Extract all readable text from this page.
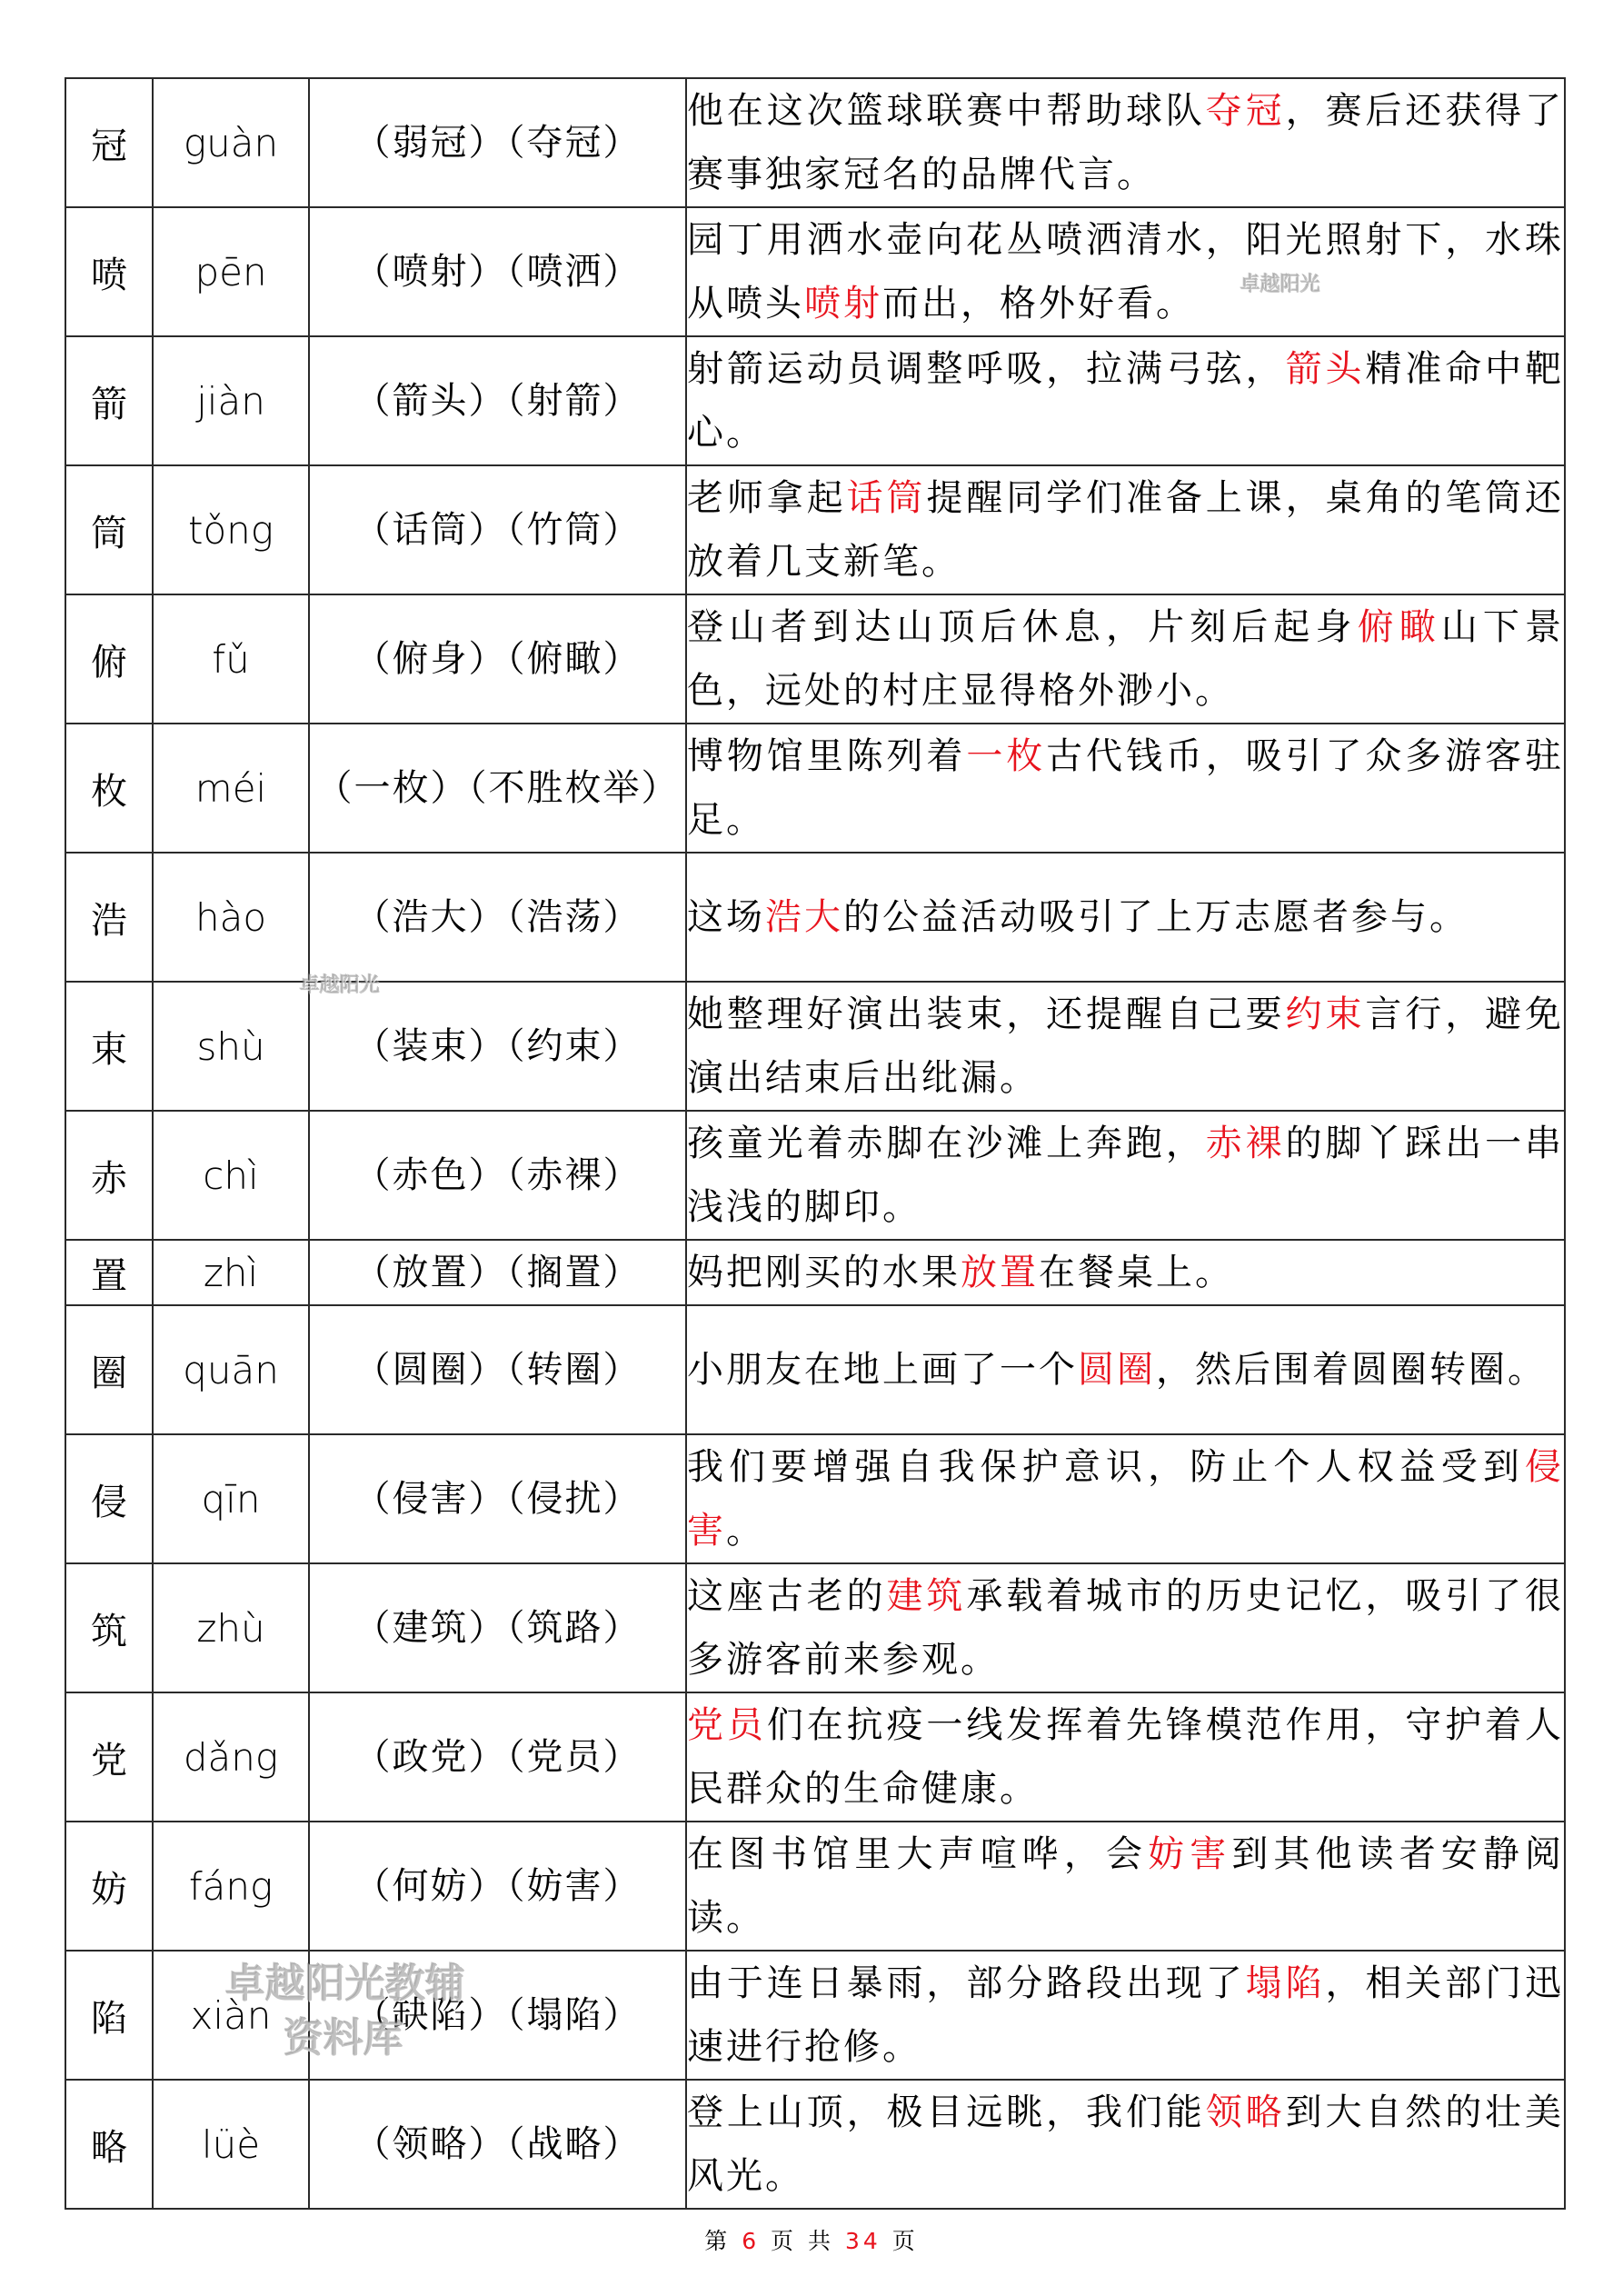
冠	guàn	（弱冠）（夺冠）	他在这次篮球联赛中帮助球队夺冠，赛后还获得了赛事独家冠名的品牌代言。
喷	pēn	（喷射）（喷洒）	园丁用洒水壶向花丛喷洒清水，阳光照射下，水珠从喷头喷射而出，格外好看。
箭	jiàn	（箭头）（射箭）	射箭运动员调整呼吸，拉满弓弦，箭头精准命中靶心。
筒	tǒng	（话筒）（竹筒）	老师拿起话筒提醒同学们准备上课，桌角的笔筒还放着几支新笔。
俯	fǔ	（俯身）（俯瞰）	登山者到达山顶后休息，片刻后起身俯瞰山下景色，远处的村庄显得格外渺小。
枚	méi	（一枚）（不胜枚举）	博物馆里陈列着一枚古代钱币，吸引了众多游客驻足。
浩	hào	（浩大）（浩荡）	这场浩大的公益活动吸引了上万志愿者参与。
束	shù	（装束）（约束）	她整理好演出装束，还提醒自己要约束言行，避免演出结束后出纰漏。
赤	chì	（赤色）（赤裸）	孩童光着赤脚在沙滩上奔跑，赤裸的脚丫踩出一串浅浅的脚印。
置	zhì	（放置）（搁置）	妈把刚买的水果放置在餐桌上。
圈	quān	（圆圈）（转圈）	小朋友在地上画了一个圆圈，然后围着圆圈转圈。
侵	qīn	（侵害）（侵扰）	我们要增强自我保护意识，防止个人权益受到侵害。
筑	zhù	（建筑）（筑路）	这座古老的建筑承载着城市的历史记忆，吸引了很多游客前来参观。
党	dǎng	（政党）（党员）	党员们在抗疫一线发挥着先锋模范作用，守护着人民群众的生命健康。
妨	fáng	（何妨）（妨害）	在图书馆里大声喧哗，会妨害到其他读者安静阅读。
陷	xiàn	（缺陷）（塌陷）	由于连日暴雨，部分路段出现了塌陷，相关部门迅速进行抢修。
略	lüè	（领略）（战略）	登上山顶，极目远眺，我们能领略到大自然的壮美风光。
卓越阳光
卓越阳光
卓越阳光教辅
资料库
第 6 页 共 34 页
